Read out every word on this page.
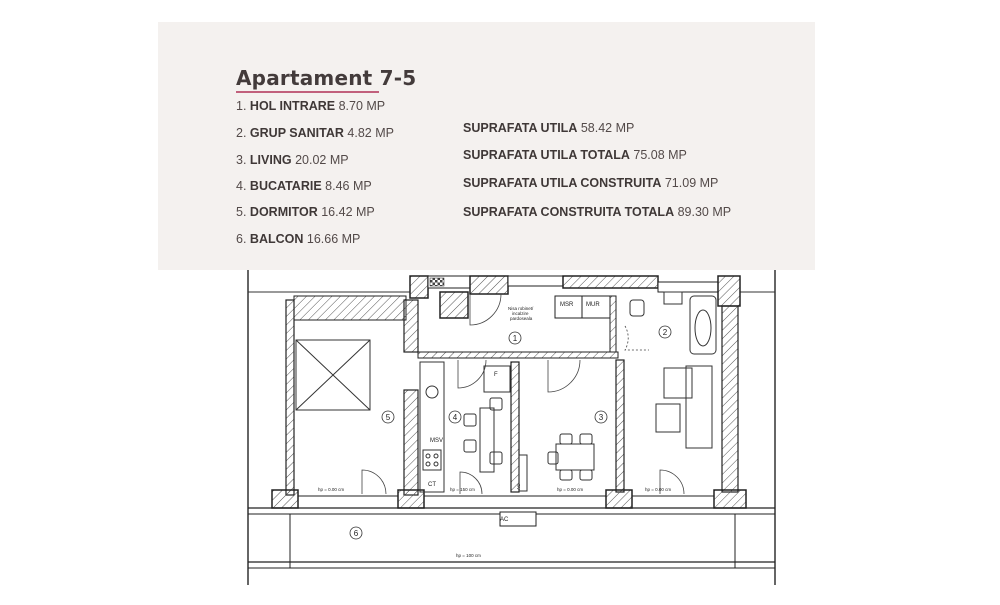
Apartament 7-5
1. HOL INTRARE 8.70 MP
2. GRUP SANITAR 4.82 MP
3. LIVING 20.02 MP
4. BUCATARIE 8.46 MP
5. DORMITOR 16.42 MP
6. BALCON 16.66 MP
SUPRAFATA UTILA 58.42 MP
SUPRAFATA UTILA TOTALA 75.08 MP
SUPRAFATA UTILA CONSTRUITA 71.09 MP
SUPRAFATA CONSTRUITA TOTALA 89.30 MP
1
2
3
4
5
6
MSR MUR
MSV
CT
F
AC
Nisa robinet/
incalzire
pardoseala
AC
hp = 0.00 cm	hp = 150 cm	hp = 0.00 cm	hp = 0.00 cm
hp = 100 cm
